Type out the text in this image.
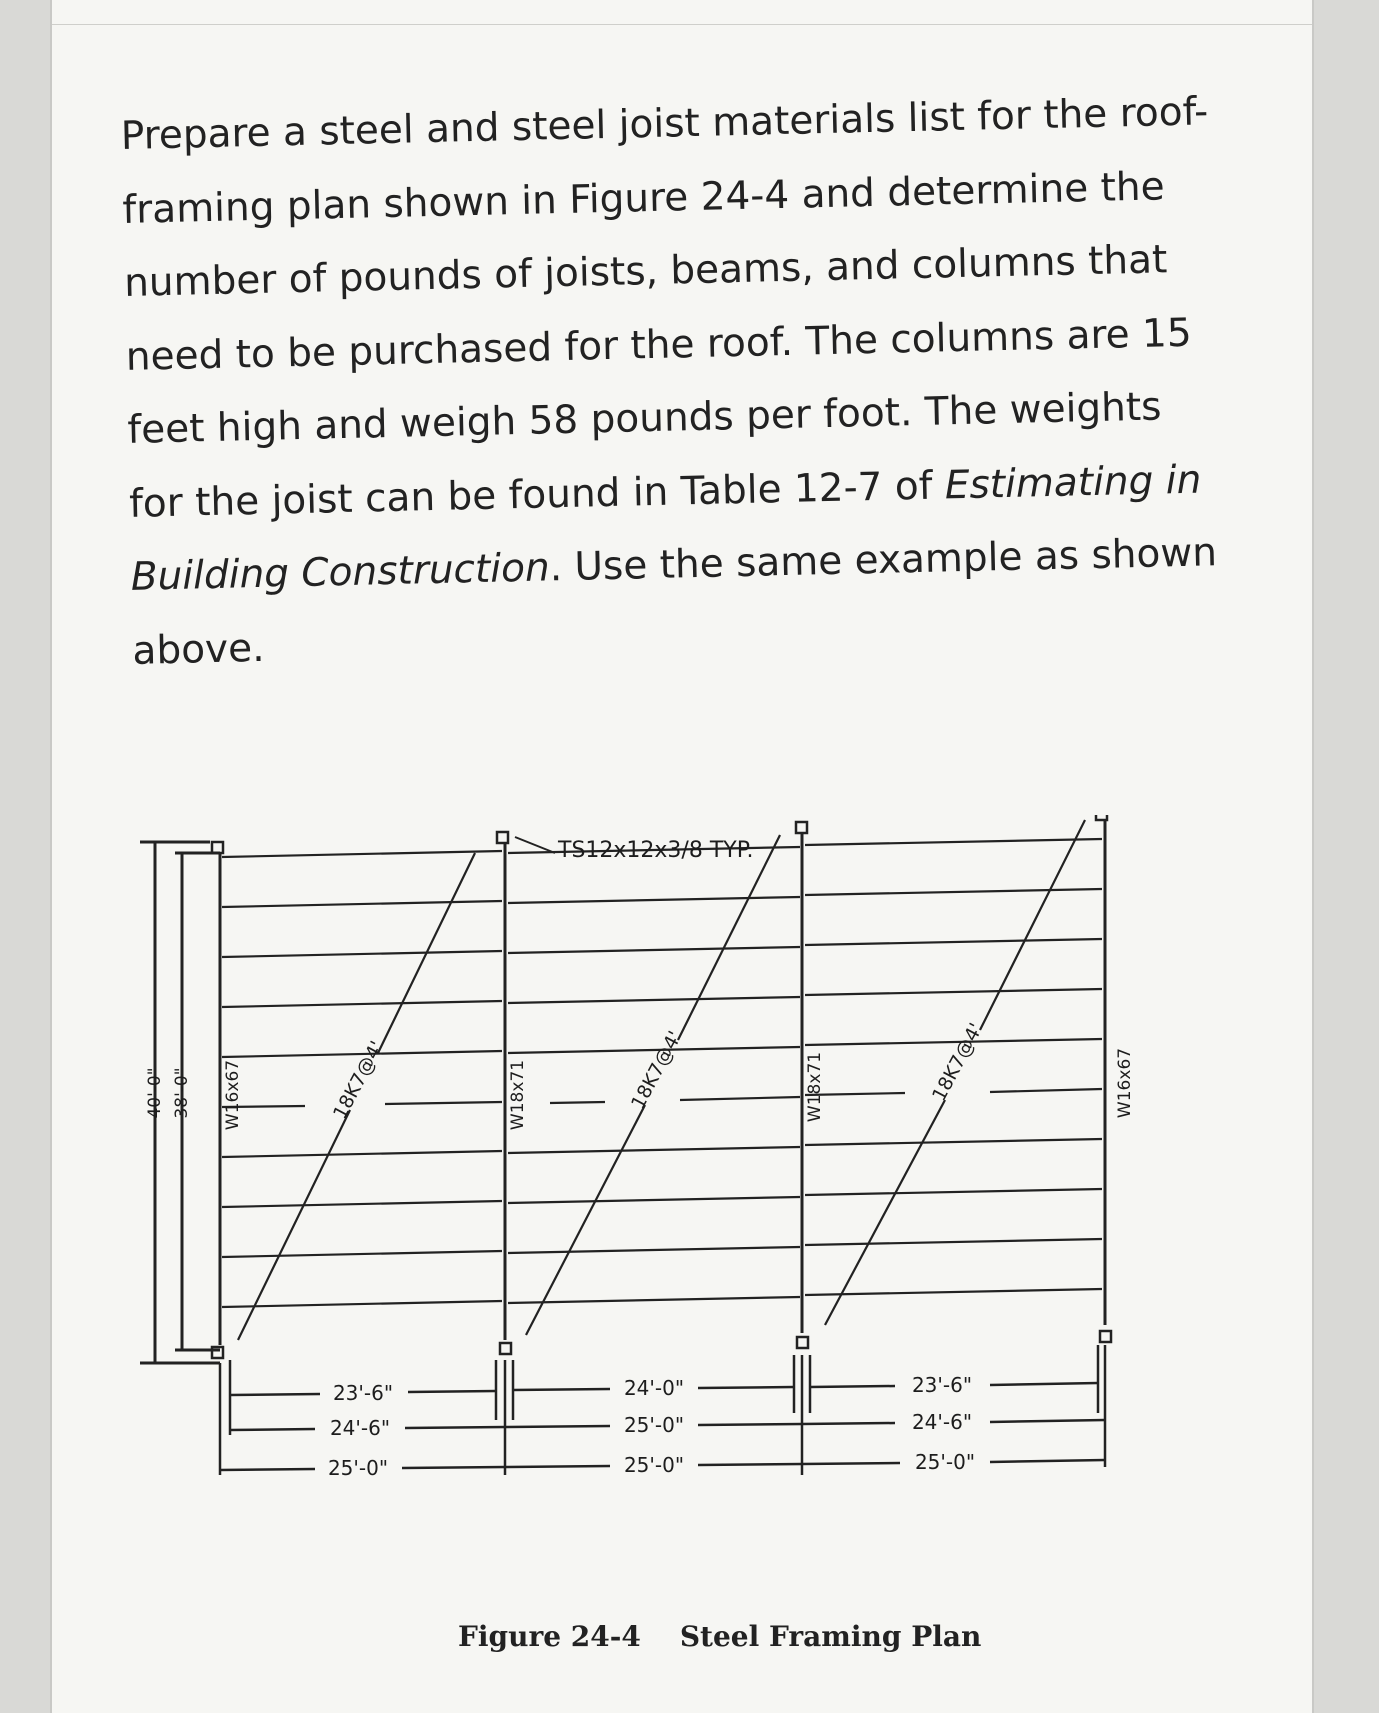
Prepare a steel and steel joist materials list for the roof-framing plan shown in Figure 24-4 and determine the number of pounds of joists, beams, and columns that need to be purchased for the roof. The columns are 15 feet high and weigh 58 pounds per foot. The weights for the joist can be found in Table 12-7 of Estimating in Building Construction. Use the same example as shown above.

TS12x12x3/8 TYP.
40'-0" 38'-0" W16x67	W18x71	W18x71	W16x67
18K7@4'	18K7@4'	18K7@4'
23'-6"	24'-0"	23'-6"
24'-6"	25'-0"	24'-6"
25'-0"	25'-0"	25'-0"
Figure 24-4    Steel Framing Plan
